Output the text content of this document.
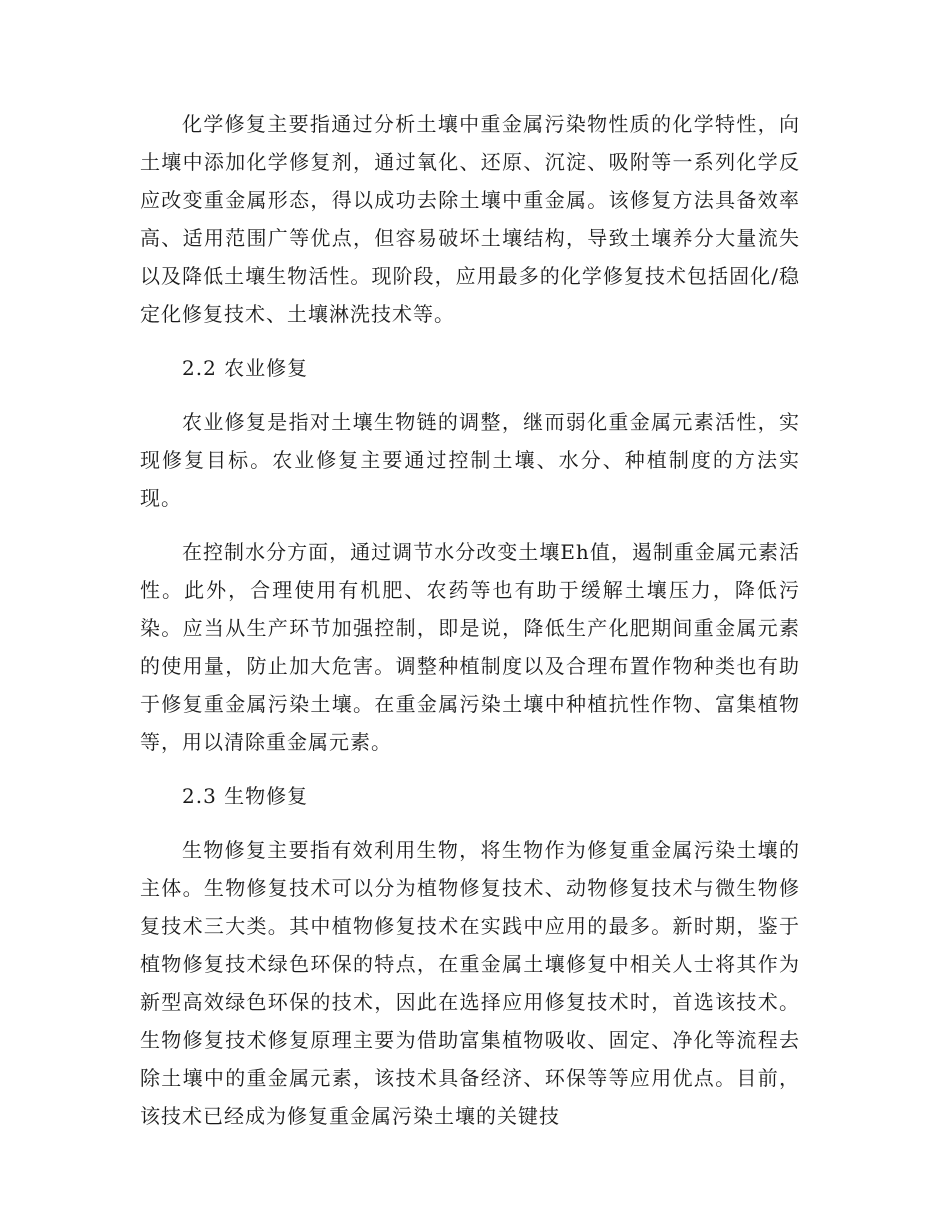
化学修复主要指通过分析土壤中重金属污染物性质的化学特性，向土壤中添加化学修复剂，通过氧化、还原、沉淀、吸附等一系列化学反应改变重金属形态，得以成功去除土壤中重金属。该修复方法具备效率高、适用范围广等优点，但容易破坏土壤结构，导致土壤养分大量流失以及降低土壤生物活性。现阶段，应用最多的化学修复技术包括固化/稳定化修复技术、土壤淋洗技术等。

2.2 农业修复

农业修复是指对土壤生物链的调整，继而弱化重金属元素活性，实现修复目标。农业修复主要通过控制土壤、水分、种植制度的方法实现。

在控制水分方面，通过调节水分改变土壤Eh值，遏制重金属元素活性。此外，合理使用有机肥、农药等也有助于缓解土壤压力，降低污染。应当从生产环节加强控制，即是说，降低生产化肥期间重金属元素的使用量，防止加大危害。调整种植制度以及合理布置作物种类也有助于修复重金属污染土壤。在重金属污染土壤中种植抗性作物、富集植物等，用以清除重金属元素。

2.3 生物修复

生物修复主要指有效利用生物，将生物作为修复重金属污染土壤的主体。生物修复技术可以分为植物修复技术、动物修复技术与微生物修复技术三大类。其中植物修复技术在实践中应用的最多。新时期，鉴于植物修复技术绿色环保的特点，在重金属土壤修复中相关人士将其作为新型高效绿色环保的技术，因此在选择应用修复技术时，首选该技术。生物修复技术修复原理主要为借助富集植物吸收、固定、净化等流程去除土壤中的重金属元素，该技术具备经济、环保等等应用优点。目前，该技术已经成为修复重金属污染土壤的关键技
